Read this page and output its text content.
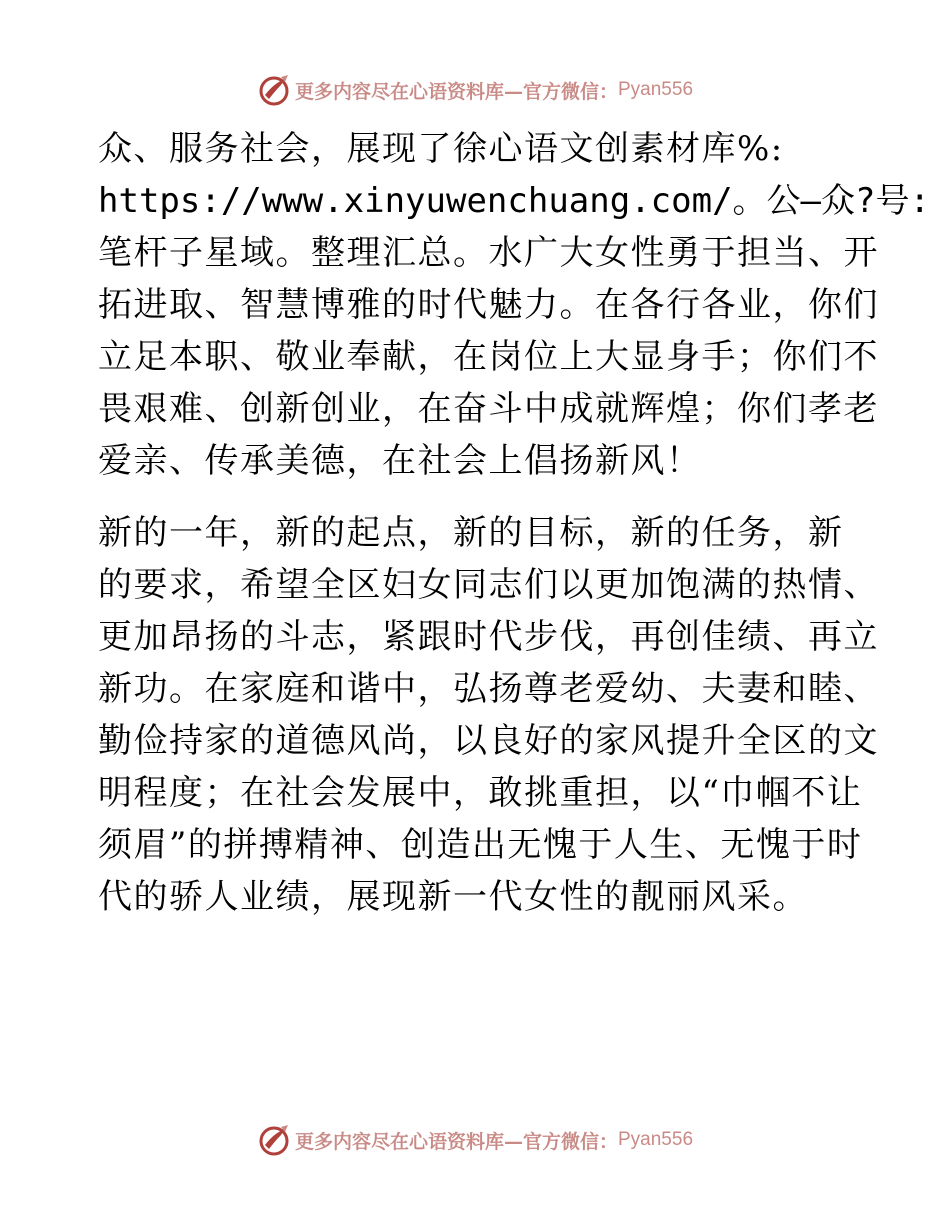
更多内容尽在心语资料库—官方微信： Pyan556
众、服务社会，展现了徐心语文创素材库%:
https://www.xinyuwenchuang.com/。公—众?号:
笔杆子星域。整理汇总。水广大女性勇于担当、开
拓进取、智慧博雅的时代魅力。在各行各业，你们
立足本职、敬业奉献，在岗位上大显身手；你们不
畏艰难、创新创业，在奋斗中成就辉煌；你们孝老
爱亲、传承美德，在社会上倡扬新风！
新的一年，新的起点，新的目标，新的任务，新
的要求，希望全区妇女同志们以更加饱满的热情、
更加昂扬的斗志，紧跟时代步伐，再创佳绩、再立
新功。在家庭和谐中，弘扬尊老爱幼、夫妻和睦、
勤俭持家的道德风尚，以良好的家风提升全区的文
明程度；在社会发展中，敢挑重担，以“巾帼不让
须眉”的拼搏精神、创造出无愧于人生、无愧于时
代的骄人业绩，展现新一代女性的靓丽风采。
更多内容尽在心语资料库—官方微信： Pyan556
